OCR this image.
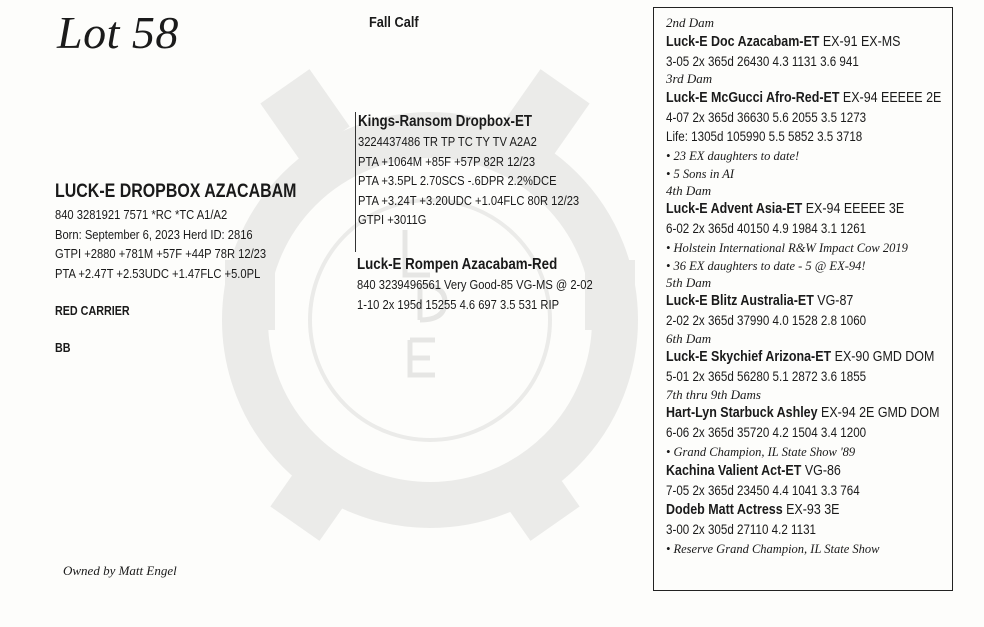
Lot 58	Fall Calf
LUCK-E DROPBOX AZACABAM
840 3281921 7571 *RC *TC A1/A2
Born: September 6, 2023 Herd ID: 2816
GTPI +2880 +781M +57F +44P 78R 12/23
PTA +2.47T +2.53UDC +1.47FLC +5.0PL
RED CARRIER
BB
Kings-Ransom Dropbox-ET
3224437486 TR TP TC TY TV A2A2
PTA +1064M +85F +57P 82R 12/23
PTA +3.5PL 2.70SCS -.6DPR 2.2%DCE
PTA +3.24T +3.20UDC +1.04FLC 80R 12/23
GTPI +3011G
Luck-E Rompen Azacabam-Red
840 3239496561 Very Good-85 VG-MS @ 2-02
1-10 2x 195d 15255 4.6 697 3.5 531 RIP
Owned by Matt Engel
2nd Dam
Luck-E Doc Azacabam-ET EX-91 EX-MS
3-05 2x 365d 26430 4.3 1131 3.6 941
3rd Dam
Luck-E McGucci Afro-Red-ET EX-94 EEEEE 2E
4-07 2x 365d 36630 5.6 2055 3.5 1273
Life: 1305d 105990 5.5 5852 3.5 3718
• 23 EX daughters to date!
• 5 Sons in AI
4th Dam
Luck-E Advent Asia-ET EX-94 EEEEE 3E
6-02 2x 365d 40150 4.9 1984 3.1 1261
• Holstein International R&W Impact Cow 2019
• 36 EX daughters to date - 5 @ EX-94!
5th Dam
Luck-E Blitz Australia-ET VG-87
2-02 2x 365d 37990 4.0 1528 2.8 1060
6th Dam
Luck-E Skychief Arizona-ET EX-90 GMD DOM
5-01 2x 365d 56280 5.1 2872 3.6 1855
7th thru 9th Dams
Hart-Lyn Starbuck Ashley EX-94 2E GMD DOM
6-06 2x 365d 35720 4.2 1504 3.4 1200
• Grand Champion, IL State Show '89
Kachina Valient Act-ET VG-86
7-05 2x 365d 23450 4.4 1041 3.3 764
Dodeb Matt Actress EX-93 3E
3-00 2x 305d 27110 4.2 1131
• Reserve Grand Champion, IL State Show
